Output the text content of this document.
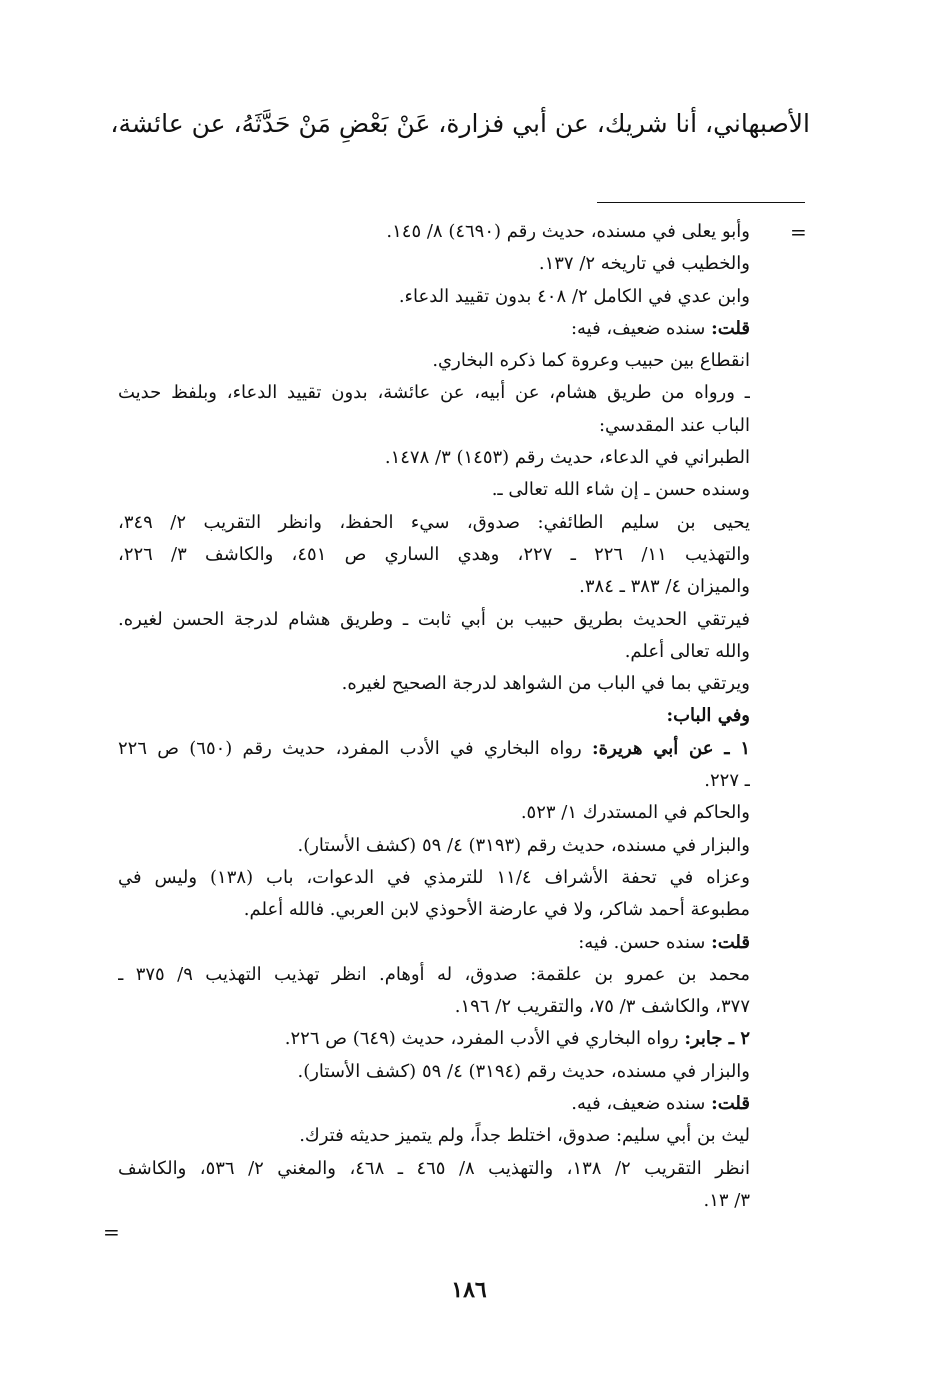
الأصبهاني، أنا شريك، عن أبي فزارة، عَنْ بَعْضِ مَنْ حَدَّثَهُ، عن عائشة،
=
وأبو يعلى في مسنده، حديث رقم (٤٦٩٠) ٨/ ١٤٥.
والخطيب في تاريخه ٢/ ١٣٧.
وابن عدي في الكامل ٢/ ٤٠٨ بدون تقييد الدعاء.
قلت: سنده ضعيف، فيه:
انقطاع بين حبيب وعروة كما ذكره البخاري.
ـ ورواه من طريق هشام، عن أبيه، عن عائشة، بدون تقييد الدعاء، وبلفظ حديث
الباب عند المقدسي:
الطبراني في الدعاء، حديث رقم (١٤٥٣) ٣/ ١٤٧٨.
وسنده حسن ـ إن شاء الله تعالى ـ.
يحيى بن سليم الطائفي: صدوق، سيء الحفظ، وانظر التقريب ٢/ ٣٤٩،
والتهذيب ١١/ ٢٢٦ ـ ٢٢٧، وهدي الساري ص ٤٥١، والكاشف ٣/ ٢٢٦،
والميزان ٤/ ٣٨٣ ـ ٣٨٤.
فيرتقي الحديث بطريق حبيب بن أبي ثابت ـ وطريق هشام لدرجة الحسن لغيره.
والله تعالى أعلم.
ويرتقي بما في الباب من الشواهد لدرجة الصحيح لغيره.
وفي الباب:
١ ـ عن أبي هريرة: رواه البخاري في الأدب المفرد، حديث رقم (٦٥٠) ص ٢٢٦
ـ ٢٢٧.
والحاكم في المستدرك ١/ ٥٢٣.
والبزار في مسنده، حديث رقم (٣١٩٣) ٤/ ٥٩ (كشف الأستار).
وعزاه في تحفة الأشراف ١١/٤ للترمذي في الدعوات، باب (١٣٨) وليس في
مطبوعة أحمد شاكر، ولا في عارضة الأحوذي لابن العربي. فالله أعلم.
قلت: سنده حسن. فيه:
محمد بن عمرو بن علقمة: صدوق، له أوهام. انظر تهذيب التهذيب ٩/ ٣٧٥ ـ
٣٧٧، والكاشف ٣/ ٧٥، والتقريب ٢/ ١٩٦.
٢ ـ جابر: رواه البخاري في الأدب المفرد، حديث (٦٤٩) ص ٢٢٦.
والبزار في مسنده، حديث رقم (٣١٩٤) ٤/ ٥٩ (كشف الأستار).
قلت: سنده ضعيف، فيه.
ليث بن أبي سليم: صدوق، اختلط جداً، ولم يتميز حديثه فترك.
انظر التقريب ٢/ ١٣٨، والتهذيب ٨/ ٤٦٥ ـ ٤٦٨، والمغني ٢/ ٥٣٦، والكاشف
٣/ ١٣.
=
١٨٦
